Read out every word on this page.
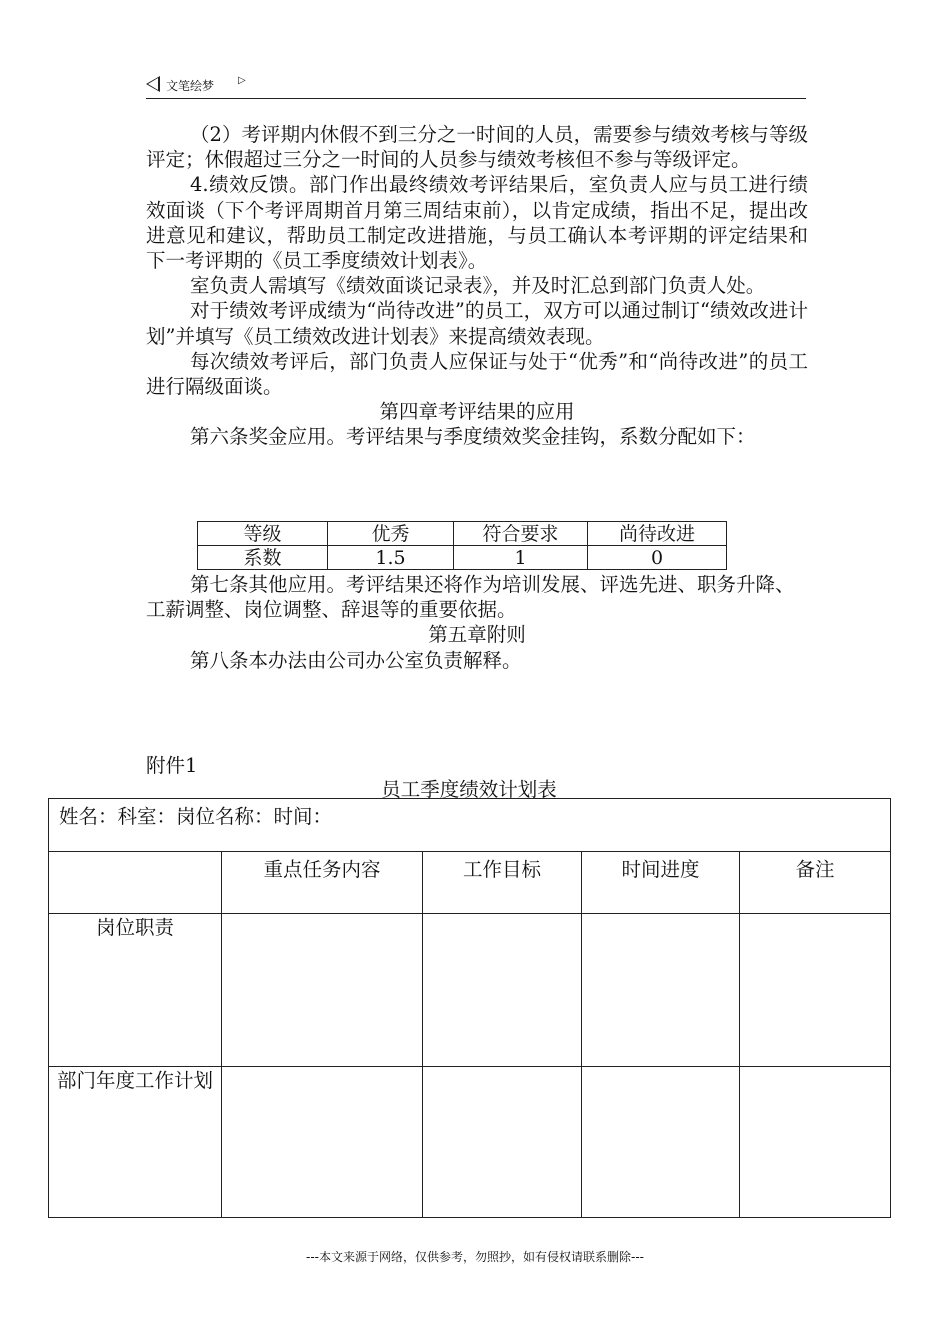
文笔绘梦 ▷

（2）考评期内休假不到三分之一时间的人员，需要参与绩效考核与等级评定；休假超过三分之一时间的人员参与绩效考核但不参与等级评定。

4.绩效反馈。部门作出最终绩效考评结果后，室负责人应与员工进行绩效面谈（下个考评周期首月第三周结束前），以肯定成绩，指出不足，提出改进意见和建议，帮助员工制定改进措施，与员工确认本考评期的评定结果和下一考评期的《员工季度绩效计划表》。

室负责人需填写《绩效面谈记录表》，并及时汇总到部门负责人处。

对于绩效考评成绩为“尚待改进”的员工，双方可以通过制订“绩效改进计划”并填写《员工绩效改进计划表》来提高绩效表现。

每次绩效考评后，部门负责人应保证与处于“优秀”和“尚待改进”的员工进行隔级面谈。

第四章考评结果的应用

第六条奖金应用。考评结果与季度绩效奖金挂钩，系数分配如下：

等级	优秀	符合要求	尚待改进
系数	1.5	1	0

第七条其他应用。考评结果还将作为培训发展、评选先进、职务升降、工薪调整、岗位调整、辞退等的重要依据。

第五章附则

第八条本办法由公司办公室负责解释。

附件1
员工季度绩效计划表
姓名：科室：岗位名称：时间：				
	重点任务内容	工作目标	时间进度	备注
岗位职责				
部门年度工作计划				
---本文来源于网络，仅供参考，勿照抄，如有侵权请联系删除---
